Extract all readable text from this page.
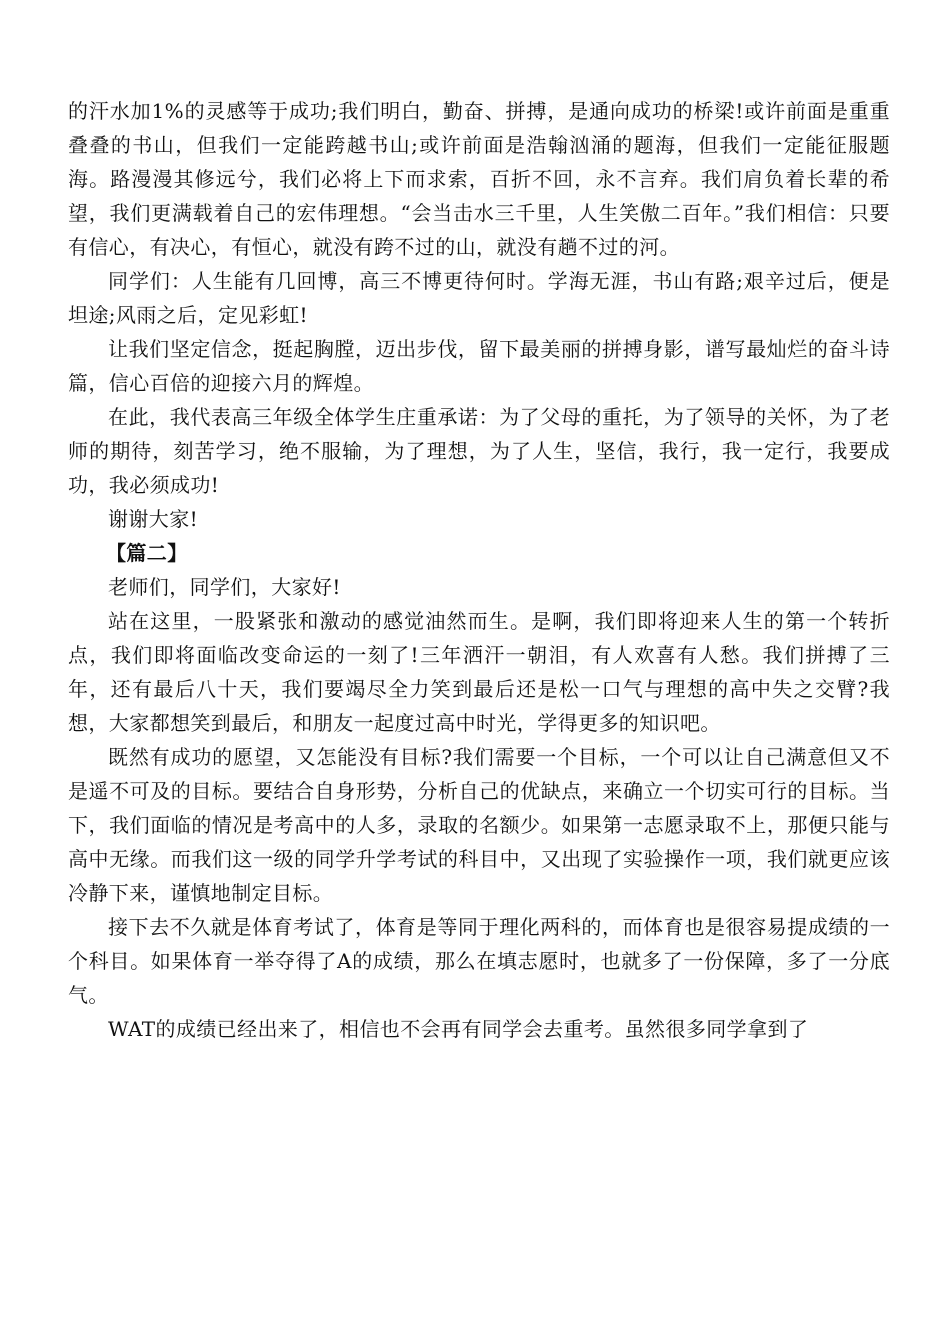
的汗水加1%的灵感等于成功;我们明白，勤奋、拼搏，是通向成功的桥梁!或许前面是重重叠叠的书山，但我们一定能跨越书山;或许前面是浩翰汹涌的题海，但我们一定能征服题海。路漫漫其修远兮，我们必将上下而求索，百折不回，永不言弃。我们肩负着长辈的希望，我们更满载着自己的宏伟理想。“会当击水三千里，人生笑傲二百年。”我们相信：只要有信心，有决心，有恒心，就没有跨不过的山，就没有趟不过的河。

同学们：人生能有几回博，高三不博更待何时。学海无涯，书山有路;艰辛过后，便是坦途;风雨之后，定见彩虹!

让我们坚定信念，挺起胸膛，迈出步伐，留下最美丽的拼搏身影，谱写最灿烂的奋斗诗篇，信心百倍的迎接六月的辉煌。

在此，我代表高三年级全体学生庄重承诺：为了父母的重托，为了领导的关怀，为了老师的期待，刻苦学习，绝不服输，为了理想，为了人生，坚信，我行，我一定行，我要成功，我必须成功!

谢谢大家!

【篇二】

老师们，同学们，大家好!

站在这里，一股紧张和激动的感觉油然而生。是啊，我们即将迎来人生的第一个转折点，我们即将面临改变命运的一刻了!三年洒汗一朝泪，有人欢喜有人愁。我们拼搏了三年，还有最后八十天，我们要竭尽全力笑到最后还是松一口气与理想的高中失之交臂?我想，大家都想笑到最后，和朋友一起度过高中时光，学得更多的知识吧。

既然有成功的愿望，又怎能没有目标?我们需要一个目标，一个可以让自己满意但又不是遥不可及的目标。要结合自身形势，分析自己的优缺点，来确立一个切实可行的目标。当下，我们面临的情况是考高中的人多，录取的名额少。如果第一志愿录取不上，那便只能与高中无缘。而我们这一级的同学升学考试的科目中，又出现了实验操作一项，我们就更应该冷静下来，谨慎地制定目标。

接下去不久就是体育考试了，体育是等同于理化两科的，而体育也是很容易提成绩的一个科目。如果体育一举夺得了A的成绩，那么在填志愿时，也就多了一份保障，多了一分底气。

WAT的成绩已经出来了，相信也不会再有同学会去重考。虽然很多同学拿到了
